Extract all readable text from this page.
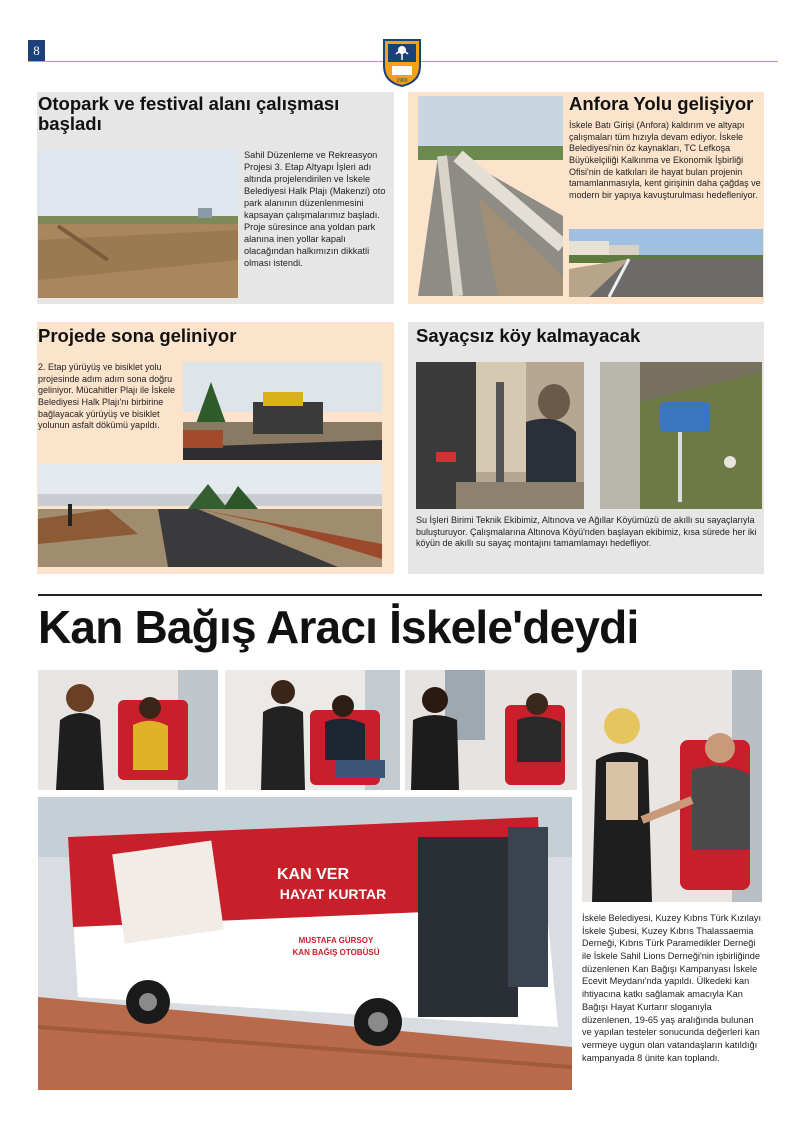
8
1960
Otopark ve festival alanı çalışması başladı
Sahil Düzenleme ve Rekreasyon Projesi 3. Etap Altyapı İşleri adı altında projelendirilen ve İskele Belediyesi Halk Plajı (Makenzi) oto park alanının düzenlenmesini kapsayan çalışmalarımız başladı. Proje süresince ana yoldan park alanına inen yollar kapalı olacağından halkımızın dikkatli olması istendi.
Anfora Yolu gelişiyor
İskele Batı Girişi (Anfora) kaldırım ve altyapı çalışmaları tüm hızıyla devam ediyor. İskele Belediyesi'nin öz kaynakları, TC Lefkoşa Büyükelçiliği Kalkınma ve Ekonomik İşbirliği Ofisi'nin de katkıları ile hayat bulan projenin tamamlanmasıyla, kent girişinin daha çağdaş ve modern bir yapıya kavuşturulması hedefleniyor.
Projede sona geliniyor
2. Etap yürüyüş ve bisiklet yolu projesinde adım adım sona doğru geliniyor. Mücahitler Plajı ile İskele Belediyesi Halk Plajı'nı birbirine bağlayacak yürüyüş ve bisiklet yolunun asfalt dökümü yapıldı.
Sayaçsız köy kalmayacak
Su İşleri Birimi Teknik Ekibimiz, Altınova ve Ağıllar Köyümüzü de akıllı su sayaçlarıyla buluşturuyor. Çalışmalarına Altınova Köyü'nden başlayan ekibimiz, kısa sürede her iki köyün de akıllı su sayaç montajını tamamlamayı hedefliyor.
Kan Bağış Aracı İskele'deydi
KAN VER
HAYAT KURTAR
MUSTAFA GÜRSOY
KAN BAĞIŞ OTOBÜSÜ
İskele Belediyesi, Kuzey Kıbrıs Türk Kızılayı İskele Şubesi, Kuzey Kıbrıs Thalassaemia Derneği, Kıbrıs Türk Paramedikler Derneği ile İskele Sahil Lions Derneği'nin işbirliğinde düzenlenen Kan Bağışı Kampanyası İskele Ecevit Meydanı'nda yapıldı. Ülkedeki kan ihtiyacına katkı sağlamak amacıyla Kan Bağışı Hayat Kurtarır sloganıyla düzenlenen, 19-65 yaş aralığında bulunan ve yapılan testeler sonucunda değerleri kan vermeye uygun olan vatandaşların katıldığı kampanyada 8 ünite kan toplandı.
